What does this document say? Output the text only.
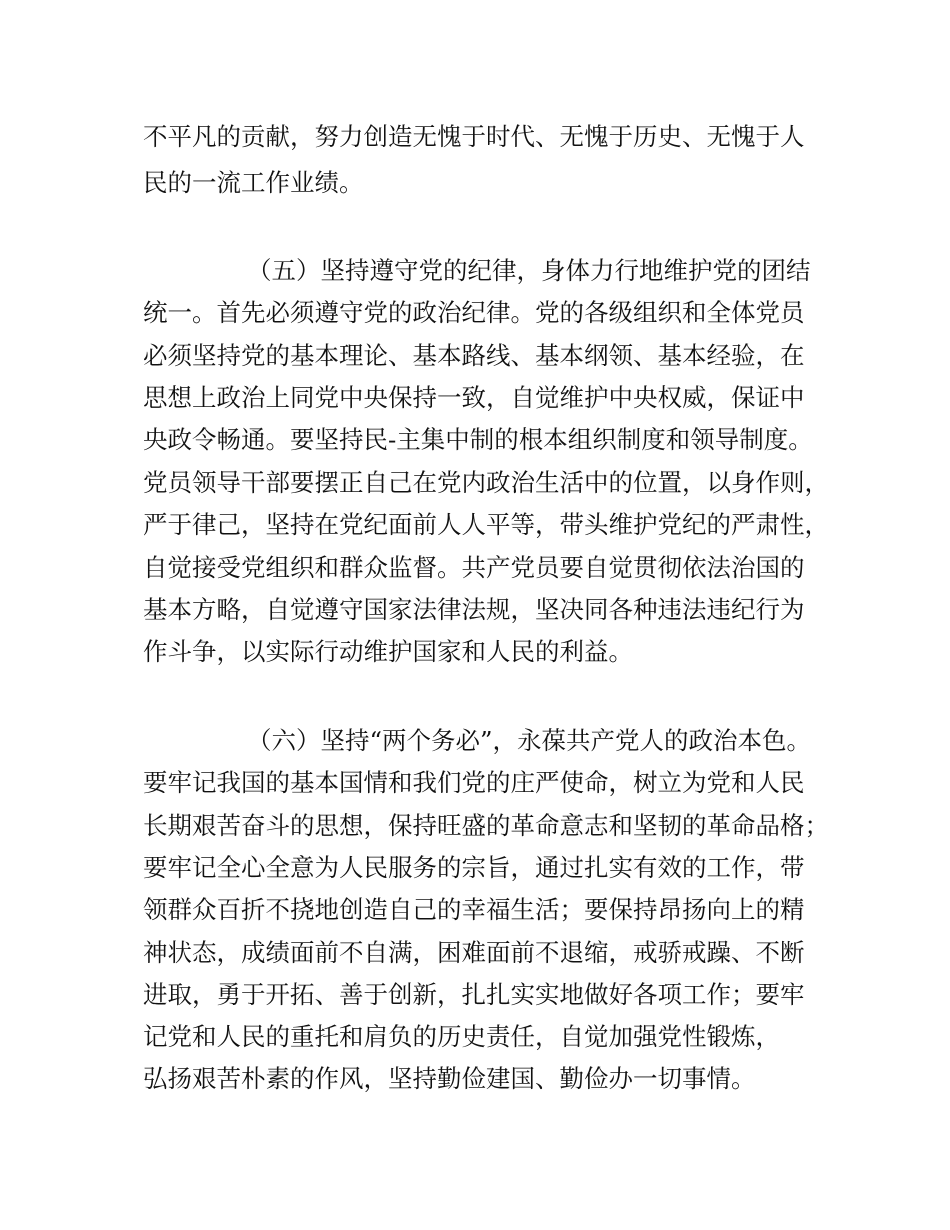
不平凡的贡献，努力创造无愧于时代、无愧于历史、无愧于人
民的一流工作业绩。
（五）坚持遵守党的纪律，身体力行地维护党的团结
统一。首先必须遵守党的政治纪律。党的各级组织和全体党员
必须坚持党的基本理论、基本路线、基本纲领、基本经验，在
思想上政治上同党中央保持一致，自觉维护中央权威，保证中
央政令畅通。要坚持民-主集中制的根本组织制度和领导制度。
党员领导干部要摆正自己在党内政治生活中的位置，以身作则，
严于律己，坚持在党纪面前人人平等，带头维护党纪的严肃性，
自觉接受党组织和群众监督。共产党员要自觉贯彻依法治国的
基本方略，自觉遵守国家法律法规，坚决同各种违法违纪行为
作斗争，以实际行动维护国家和人民的利益。
（六）坚持“两个务必”，永葆共产党人的政治本色。
要牢记我国的基本国情和我们党的庄严使命，树立为党和人民
长期艰苦奋斗的思想，保持旺盛的革命意志和坚韧的革命品格；
要牢记全心全意为人民服务的宗旨，通过扎实有效的工作，带
领群众百折不挠地创造自己的幸福生活；要保持昂扬向上的精
神状态，成绩面前不自满，困难面前不退缩，戒骄戒躁、不断
进取，勇于开拓、善于创新，扎扎实实地做好各项工作；要牢
记党和人民的重托和肩负的历史责任，自觉加强党性锻炼，
弘扬艰苦朴素的作风，坚持勤俭建国、勤俭办一切事情。
